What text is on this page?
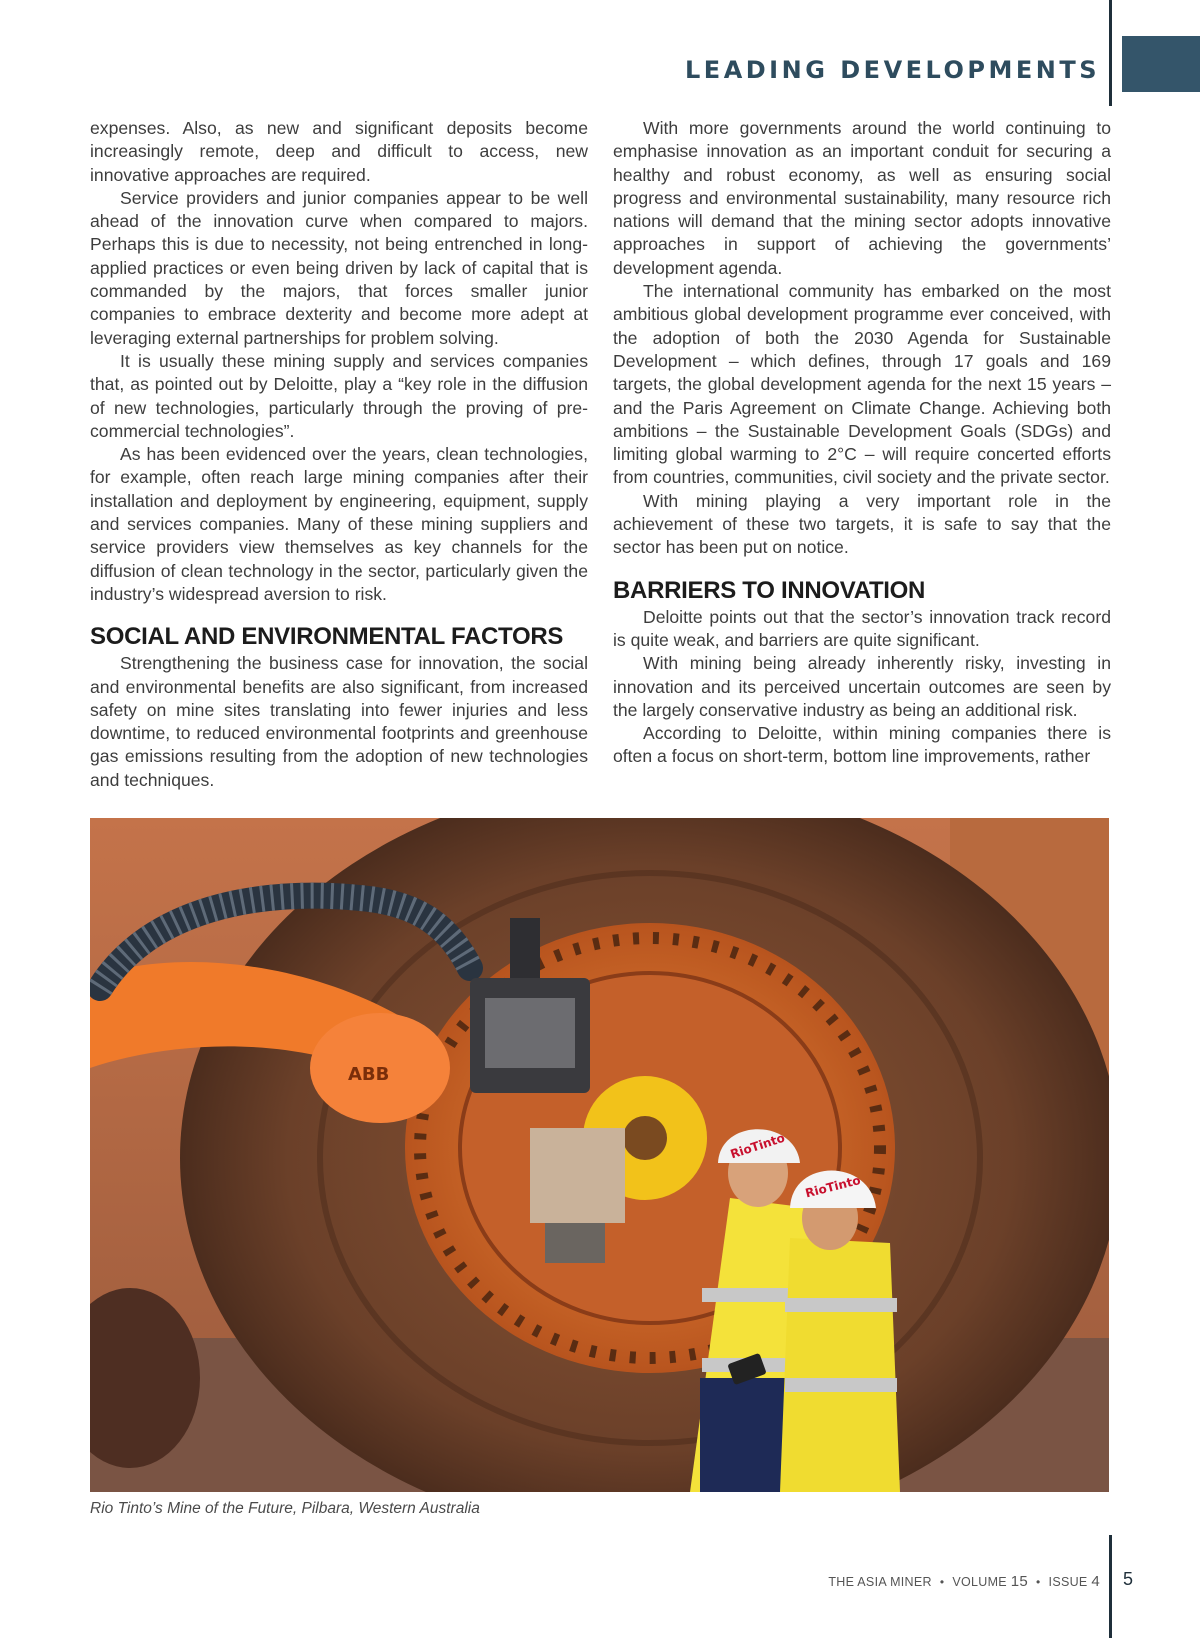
LEADING DEVELOPMENTS

expenses. Also, as new and significant deposits become increasingly remote, deep and difficult to access, new innovative approaches are required.

Service providers and junior companies appear to be well ahead of the innovation curve when compared to majors. Perhaps this is due to necessity, not being entrenched in long-applied practices or even being driven by lack of capital that is commanded by the majors, that forces smaller junior companies to embrace dexterity and become more adept at leveraging external partnerships for problem solving.

It is usually these mining supply and services companies that, as pointed out by Deloitte, play a “key role in the diffusion of new technologies, particularly through the proving of pre-commercial technologies”.

As has been evidenced over the years, clean technologies, for example, often reach large mining companies after their installation and deployment by engineering, equipment, supply and services companies. Many of these mining suppliers and service providers view themselves as key channels for the diffusion of clean technology in the sector, particularly given the industry’s widespread aversion to risk.

SOCIAL AND ENVIRONMENTAL FACTORS

Strengthening the business case for innovation, the social and environmental benefits are also significant, from increased safety on mine sites translating into fewer injuries and less downtime, to reduced environmental footprints and greenhouse gas emissions resulting from the adoption of new technologies and techniques.

With more governments around the world continuing to emphasise innovation as an important conduit for securing a healthy and robust economy, as well as ensuring social progress and environmental sustainability, many resource rich nations will demand that the mining sector adopts innovative approaches in support of achieving the governments’ development agenda.

The international community has embarked on the most ambitious global development programme ever conceived, with the adoption of both the 2030 Agenda for Sustainable Development – which defines, through 17 goals and 169 targets, the global development agenda for the next 15 years – and the Paris Agreement on Climate Change. Achieving both ambitions – the Sustainable Development Goals (SDGs) and limiting global warming to 2°C – will require concerted efforts from countries, communities, civil society and the private sector.

With mining playing a very important role in the achievement of these two targets, it is safe to say that the sector has been put on notice.

BARRIERS TO INNOVATION

Deloitte points out that the sector’s innovation track record is quite weak, and barriers are quite significant.

With mining being already inherently risky, investing in innovation and its perceived uncertain outcomes are seen by the largely conservative industry as being an additional risk.

According to Deloitte, within mining companies there is often a focus on short-term, bottom line improvements, rather

ABB
RioTinto
RioTinto
Rio Tinto’s Mine of the Future, Pilbara, Western Australia
THE ASIA MINER • VOLUME 15 • ISSUE 4 5
